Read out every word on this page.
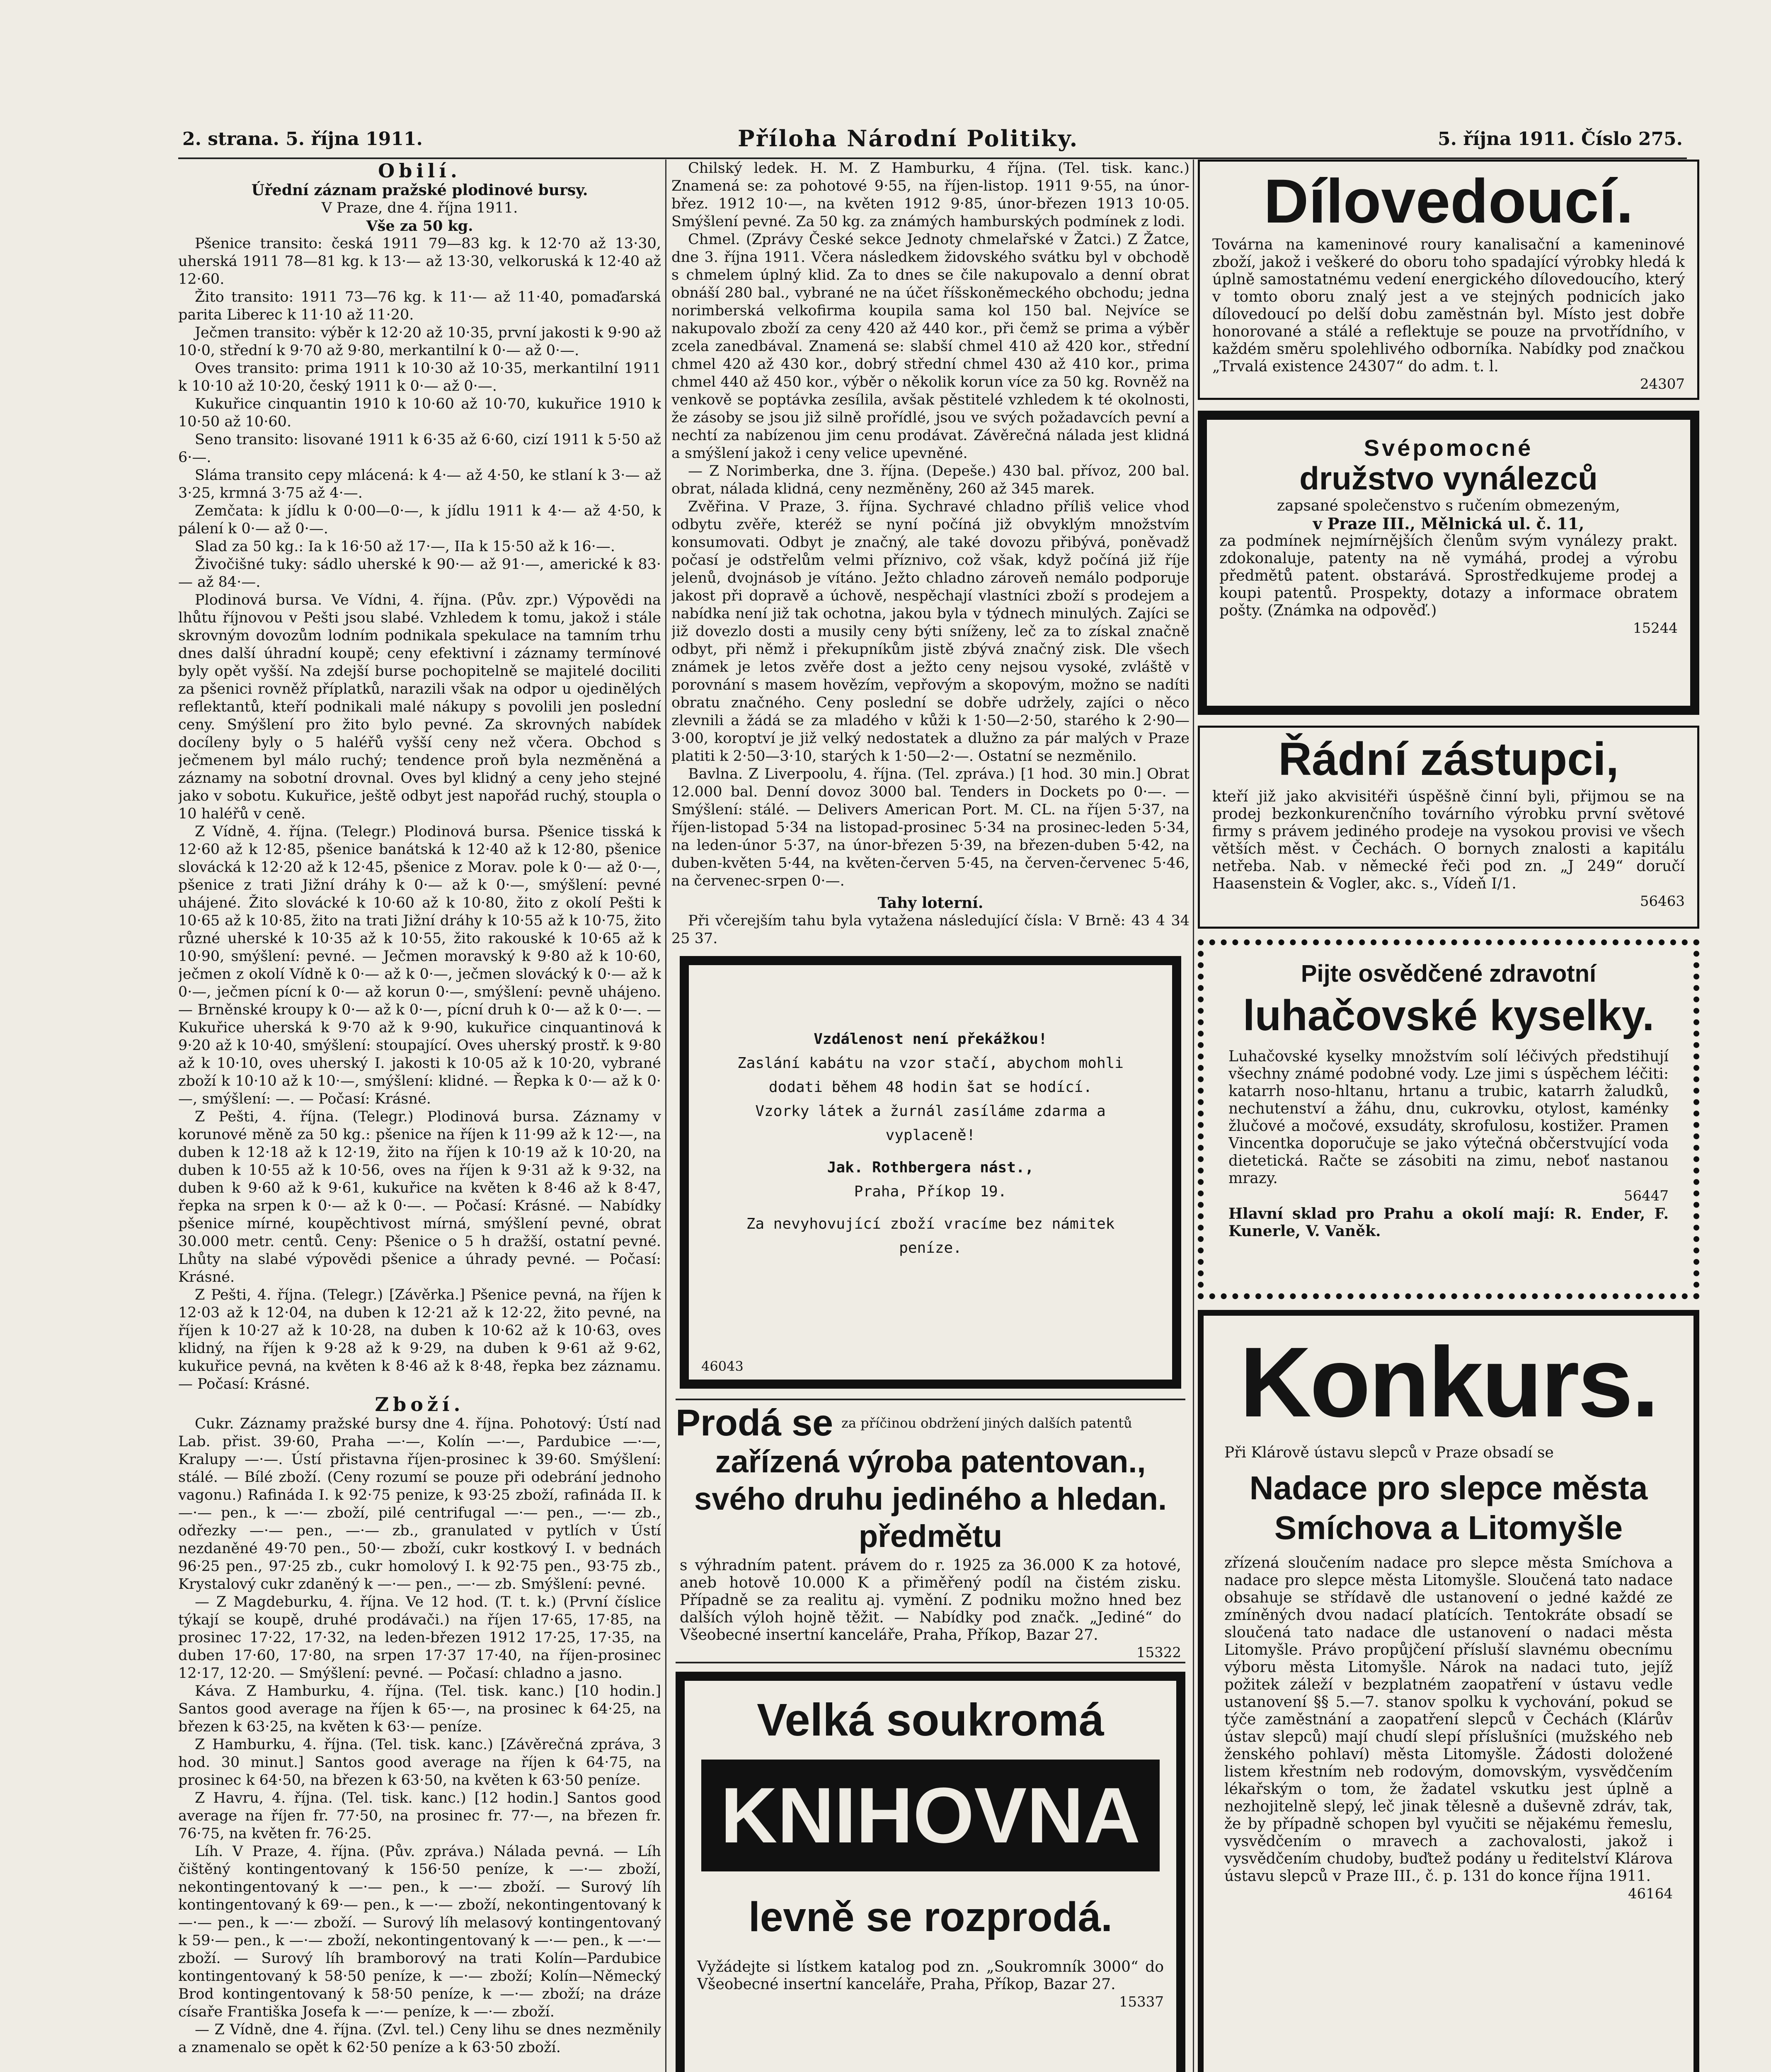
2. strana. 5. října 1911.	Příloha Národní Politiky.	5. října 1911. Číslo 275.
Obilí.
Úřední záznam pražské plodinové bursy.
V Praze, dne 4. října 1911.
Vše za 50 kg.

Pšenice transito: česká 1911 79—83 kg. k 12·70 až 13·30, uherská 1911 78—81 kg. k 13·— až 13·30, velkoruská k 12·40 až 12·60.

Žito transito: 1911 73—76 kg. k 11·— až 11·40, pomaďarská parita Liberec k 11·10 až 11·20.

Ječmen transito: výběr k 12·20 až 10·35, první jakosti k 9·90 až 10·0, střední k 9·70 až 9·80, merkantilní k 0·— až 0·—.

Oves transito: prima 1911 k 10·30 až 10·35, merkantilní 1911 k 10·10 až 10·20, český 1911 k 0·— až 0·—.

Kukuřice cinquantin 1910 k 10·60 až 10·70, kukuřice 1910 k 10·50 až 10·60.

Seno transito: lisované 1911 k 6·35 až 6·60, cizí 1911 k 5·50 až 6·—.

Sláma transito cepy mlácená: k 4·— až 4·50, ke stlaní k 3·— až 3·25, krmná 3·75 až 4·—.

Zemčata: k jídlu k 0·00—0·—, k jídlu 1911 k 4·— až 4·50, k pálení k 0·— až 0·—.

Slad za 50 kg.: Ia k 16·50 až 17·—, IIa k 15·50 až k 16·—.

Živočišné tuky: sádlo uherské k 90·— až 91·—, americké k 83·— až 84·—.

Plodinová bursa. Ve Vídni, 4. října. (Pův. zpr.) Výpovědi na lhůtu říjnovou v Pešti jsou slabé. Vzhledem k tomu, jakož i stále skrovným dovozům lodním podnikala spekulace na tamním trhu dnes další úhradní koupě; ceny efektivní i záznamy termínové byly opět vyšší. Na zdejší burse pochopitelně se majitelé dociliti za pšenici rovněž příplatků, narazili však na odpor u ojedinělých reflektantů, kteří podnikali malé nákupy s povolili jen poslední ceny. Smýšlení pro žito bylo pevné. Za skrovných nabídek docíleny byly o 5 haléřů vyšší ceny než včera. Obchod s ječmenem byl málo ruchý; tendence proň byla nezměněná a záznamy na sobotní drovnal. Oves byl klidný a ceny jeho stejné jako v sobotu. Kukuřice, ještě odbyt jest napořád ruchý, stoupla o 10 haléřů v ceně.

Z Vídně, 4. října. (Telegr.) Plodinová bursa. Pšenice tisská k 12·60 až k 12·85, pšenice banátská k 12·40 až k 12·80, pšenice slovácká k 12·20 až k 12·45, pšenice z Morav. pole k 0·— až 0·—, pšenice z trati Jižní dráhy k 0·— až k 0·—, smýšlení: pevné uhájené. Žito slovácké k 10·60 až k 10·80, žito z okolí Pešti k 10·65 až k 10·85, žito na trati Jižní dráhy k 10·55 až k 10·75, žito různé uherské k 10·35 až k 10·55, žito rakouské k 10·65 až k 10·90, smýšlení: pevné. — Ječmen moravský k 9·80 až k 10·60, ječmen z okolí Vídně k 0·— až k 0·—, ječmen slovácký k 0·— až k 0·—, ječmen pícní k 0·— až korun 0·—, smýšlení: pevně uhájeno. — Brněnské kroupy k 0·— až k 0·—, pícní druh k 0·— až k 0·—. — Kukuřice uherská k 9·70 až k 9·90, kukuřice cinquantinová k 9·20 až k 10·40, smýšlení: stoupající. Oves uherský prostř. k 9·80 až k 10·10, oves uherský I. jakosti k 10·05 až k 10·20, vybrané zboží k 10·10 až k 10·—, smýšlení: klidné. — Řepka k 0·— až k 0·—, smýšlení: —. — Počasí: Krásné.

Z Pešti, 4. října. (Telegr.) Plodinová bursa. Záznamy v korunové měně za 50 kg.: pšenice na říjen k 11·99 až k 12·—, na duben k 12·18 až k 12·19, žito na říjen k 10·19 až k 10·20, na duben k 10·55 až k 10·56, oves na říjen k 9·31 až k 9·32, na duben k 9·60 až k 9·61, kukuřice na květen k 8·46 až k 8·47, řepka na srpen k 0·— až k 0·—. — Počasí: Krásné. — Nabídky pšenice mírné, koupěchtivost mírná, smýšlení pevné, obrat 30.000 metr. centů. Ceny: Pšenice o 5 h dražší, ostatní pevné. Lhůty na slabé výpovědi pšenice a úhrady pevné. — Počasí: Krásné.

Z Pešti, 4. října. (Telegr.) [Závěrka.] Pšenice pevná, na říjen k 12·03 až k 12·04, na duben k 12·21 až k 12·22, žito pevné, na říjen k 10·27 až k 10·28, na duben k 10·62 až k 10·63, oves klidný, na říjen k 9·28 až k 9·29, na duben k 9·61 až 9·62, kukuřice pevná, na květen k 8·46 až k 8·48, řepka bez záznamu. — Počasí: Krásné.

Zboží.

Cukr. Záznamy pražské bursy dne 4. října. Pohotový: Ústí nad Lab. přist. 39·60, Praha —·—, Kolín —·—, Pardubice —·—, Kralupy —·—. Ústí přistavna říjen-prosinec k 39·60. Smýšlení: stálé. — Bílé zboží. (Ceny rozumí se pouze při odebrání jednoho vagonu.) Rafináda I. k 92·75 penize, k 93·25 zboží, rafináda II. k —·— pen., k —·— zboží, pilé centrifugal —·— pen., —·— zb., odřezky —·— pen., —·— zb., granulated v pytlích v Ústí nezdaněné 49·70 pen., 50·— zboží, cukr kostkový I. v bednách 96·25 pen., 97·25 zb., cukr homolový I. k 92·75 pen., 93·75 zb., Krystalový cukr zdaněný k —·— pen., —·— zb. Smýšlení: pevné.

— Z Magdeburku, 4. října. Ve 12 hod. (T. t. k.) (První číslice týkají se koupě, druhé prodávači.) na říjen 17·65, 17·85, na prosinec 17·22, 17·32, na leden-březen 1912 17·25, 17·35, na duben 17·60, 17·80, na srpen 17·37 17·40, na říjen-prosinec 12·17, 12·20. — Smýšlení: pevné. — Počasí: chladno a jasno.

Káva. Z Hamburku, 4. října. (Tel. tisk. kanc.) [10 hodin.] Santos good average na říjen k 65·—, na prosinec k 64·25, na březen k 63·25, na květen k 63·— peníze.

Z Hamburku, 4. října. (Tel. tisk. kanc.) [Závěrečná zpráva, 3 hod. 30 minut.] Santos good average na říjen k 64·75, na prosinec k 64·50, na březen k 63·50, na květen k 63·50 peníze.

Z Havru, 4. října. (Tel. tisk. kanc.) [12 hodin.] Santos good average na říjen fr. 77·50, na prosinec fr. 77·—, na březen fr. 76·75, na květen fr. 76·25.

Líh. V Praze, 4. října. (Pův. zpráva.) Nálada pevná. — Líh čištěný kontingentovaný k 156·50 peníze, k —·— zboží, nekontingentovaný k —·— pen., k —·— zboží. — Surový líh kontingentovaný k 69·— pen., k —·— zboží, nekontingentovaný k —·— pen., k —·— zboží. — Surový líh melasový kontingentovaný k 59·— pen., k —·— zboží, nekontingentovaný k —·— pen., k —·— zboží. — Surový líh bramborový na trati Kolín—Pardubice kontingentovaný k 58·50 peníze, k —·— zboží; Kolín—Německý Brod kontingentovaný k 58·50 peníze, k —·— zboží; na dráze císaře Františka Josefa k —·— peníze, k —·— zboží.

— Z Vídně, dne 4. října. (Zvl. tel.) Ceny lihu se dnes nezměnily a znamenalo se opět k 62·50 peníze a k 63·50 zboží.

Chilský ledek. H. M. Z Hamburku, 4 října. (Tel. tisk. kanc.) Znamená se: za pohotové 9·55, na říjen-listop. 1911 9·55, na únor-břez. 1912 10·—, na květen 1912 9·85, únor-březen 1913 10·05. Smýšlení pevné. Za 50 kg. za známých hamburských podmínek z lodi.

Chmel. (Zprávy České sekce Jednoty chmelařské v Žatci.) Z Žatce, dne 3. října 1911. Včera následkem židovského svátku byl v obchodě s chmelem úplný klid. Za to dnes se čile nakupovalo a denní obrat obnáší 280 bal., vybrané ne na účet říšskoněmeckého obchodu; jedna norimberská velkofirma koupila sama kol 150 bal. Nejvíce se nakupovalo zboží za ceny 420 až 440 kor., při čemž se prima a výběr zcela zanedbával. Znamená se: slabší chmel 410 až 420 kor., střední chmel 420 až 430 kor., dobrý střední chmel 430 až 410 kor., prima chmel 440 až 450 kor., výběr o několik korun více za 50 kg. Rovněž na venkově se poptávka zesílila, avšak pěstitelé vzhledem k té okolnosti, že zásoby se jsou již silně prořídlé, jsou ve svých požadavcích pevní a nechtí za nabízenou jim cenu prodávat. Závěrečná nálada jest klidná a smýšlení jakož i ceny velice upevněné.

— Z Norimberka, dne 3. října. (Depeše.) 430 bal. přívoz, 200 bal. obrat, nálada klidná, ceny nezměněny, 260 až 345 marek.

Zvěřina. V Praze, 3. října. Sychravé chladno příliš velice vhod odbytu zvěře, kteréž se nyní počíná již obvyklým množstvím konsumovati. Odbyt je značný, ale také dovozu přibývá, poněvadž počasí je odstřelům velmi příznivo, což však, když počíná již říje jelenů, dvojnásob je vítáno. Ježto chladno zároveň nemálo podporuje jakost při dopravě a úchově, nespěchají vlastníci zboží s prodejem a nabídka není již tak ochotna, jakou byla v týdnech minulých. Zajíci se již dovezlo dosti a musily ceny býti sníženy, leč za to získal značně odbyt, při němž i překupníkům jistě zbývá značný zisk. Dle všech známek je letos zvěře dost a ježto ceny nejsou vysoké, zvláště v porovnání s masem hovězím, vepřovým a skopovým, možno se nadíti obratu značného. Ceny poslední se dobře udržely, zajíci o něco zlevnili a žádá se za mladého v kůži k 1·50—2·50, starého k 2·90—3·00, koroptví je již velký nedostatek a dlužno za pár malých v Praze platiti k 2·50—3·10, starých k 1·50—2·—. Ostatní se nezměnilo.

Bavlna. Z Liverpoolu, 4. října. (Tel. zpráva.) [1 hod. 30 min.] Obrat 12.000 bal. Denní dovoz 3000 bal. Tenders in Dockets po 0·—. — Smýšlení: stálé. — Delivers American Port. M. CL. na říjen 5·37, na říjen-listopad 5·34 na listopad-prosinec 5·34 na prosinec-leden 5·34, na leden-únor 5·37, na únor-březen 5·39, na březen-duben 5·42, na duben-květen 5·44, na květen-červen 5·45, na červen-červenec 5·46, na červenec-srpen 0·—.

Tahy loterní.

Při včerejším tahu byla vytažena následující čísla: V Brně: 43 4 34 25 37.

Vzdálenost není překážkou!
Zaslání kabátu na vzor stačí, abychom mohli dodati během 48 hodin šat se hodící.
Vzorky látek a žurnál zasíláme zdarma a vyplaceně!
Jak. Rothbergera nást.,
Praha, Příkop 19.
Za nevyhovující zboží vracíme bez námitek peníze.
46043
Prodá se za příčinou obdržení jiných dalších patentů
zařízená výroba patentovan., svého druhu jediného a hledan. předmětu
s výhradním patent. právem do r. 1925 za 36.000 K za hotové, aneb hotově 10.000 K a přiměřený podíl na čistém zisku. Případně se za realitu aj. vymění. Z podniku možno hned bez dalších výloh hojně těžit. — Nabídky pod značk. „Jediné“ do Všeobecné insertní kanceláře, Praha, Příkop, Bazar 27.
15322
Velká soukromá
KNIHOVNA
levně se rozprodá.
Vyžádejte si lístkem katalog pod zn. „Soukromník 3000“ do Všeobecné insertní kanceláře, Praha, Příkop, Bazar 27.
15337
Dílovedoucí.
Továrna na kameninové roury kanalisační a kameninové zboží, jakož i veškeré do oboru toho spadající výrobky hledá k úplně samostatnému vedení energického dílovedoucího, který v tomto oboru znalý jest a ve stejných podnicích jako dílovedoucí po delší dobu zaměstnán byl. Místo jest dobře honorované a stálé a reflektuje se pouze na prvotřídního, v každém směru spolehlivého odborníka. Nabídky pod značkou „Trvalá existence 24307“ do adm. t. l.
24307
Svépomocné
družstvo vynálezců
zapsané společenstvo s ručením obmezeným,
v Praze III., Mělnická ul. č. 11,
za podmínek nejmírnějších členům svým vynálezy prakt. zdokonaluje, patenty na ně vymáhá, prodej a výrobu předmětů patent. obstarává. Sprostředkujeme prodej a koupi patentů. Prospekty, dotazy a informace obratem pošty. (Známka na odpověď.)
15244
Řádní zástupci,
kteří již jako akvisitéři úspěšně činní byli, přijmou se na prodej bezkonkurenčního továrního výrobku první světové firmy s právem jediného prodeje na vysokou provisi ve všech větších měst. v Čechách. O bornych znalosti a kapitálu netřeba. Nab. v německé řeči pod zn. „J 249“ doručí Haasenstein & Vogler, akc. s., Vídeň I/1.
56463
Pijte osvědčené zdravotní
luhačovské kyselky.
Luhačovské kyselky množstvím solí léčivých předstihují všechny známé podobné vody. Lze jimi s úspěchem léčiti: katarrh noso-hltanu, hrtanu a trubic, katarrh žaludků, nechutenství a žáhu, dnu, cukrovku, otylost, kaménky žlučové a močové, exsudáty, skrofulosu, kostižer. Pramen Vincentka doporučuje se jako výtečná občerstvující voda dietetická. Račte se zásobiti na zimu, neboť nastanou mrazy.
56447
Hlavní sklad pro Prahu a okolí mají: R. Ender, F. Kunerle, V. Vaněk.
Konkurs.
Při Klárově ústavu slepců v Praze obsadí se
Nadace pro slepce města Smíchova a Litomyšle
zřízená sloučením nadace pro slepce města Smíchova a nadace pro slepce města Litomyšle. Sloučená tato nadace obsahuje se střídavě dle ustanovení o jedné každé ze zmíněných dvou nadací platících. Tentokráte obsadí se sloučená tato nadace dle ustanovení o nadaci města Litomyšle. Právo propůjčení přísluší slavnému obecnímu výboru města Litomyšle. Nárok na nadaci tuto, jejíž požitek záleží v bezplatném zaopatření v ústavu vedle ustanovení §§ 5.—7. stanov spolku k vychování, pokud se týče zaměstnání a zaopatření slepců v Čechách (Klárův ústav slepců) mají chudí slepí příslušníci (mužského neb ženského pohlaví) města Litomyšle. Žádosti doložené listem křestním neb rodovým, domovským, vysvědčením lékařským o tom, že žadatel vskutku jest úplně a nezhojitelně slepý, leč jinak tělesně a duševně zdráv, tak, že by případně schopen byl vyučiti se nějakému řemeslu, vysvědčením o mravech a zachovalosti, jakož i vysvědčením chudoby, buďtež podány u ředitelství Klárova ústavu slepců v Praze III., č. p. 131 do konce října 1911.
46164
